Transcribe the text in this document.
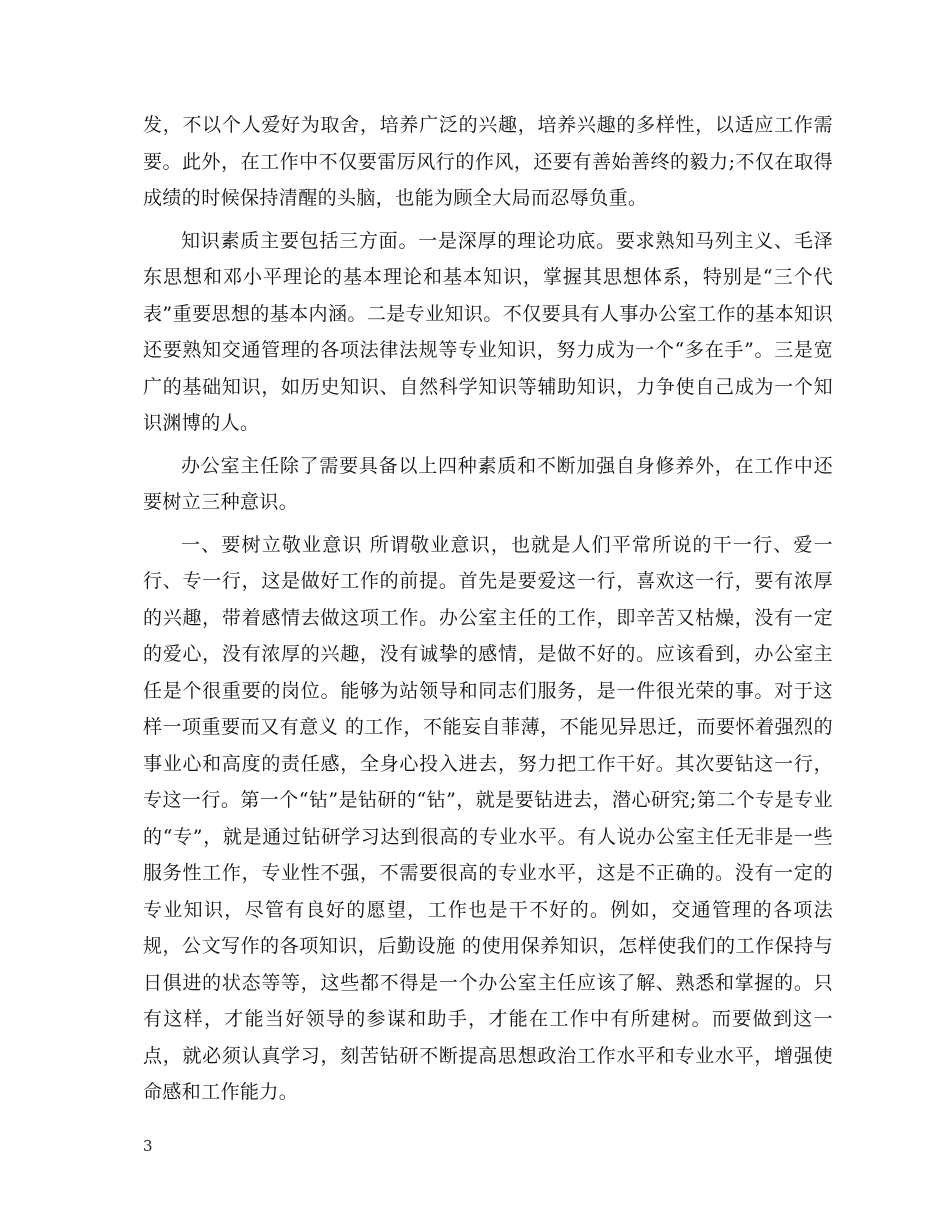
发，不以个人爱好为取舍，培养广泛的兴趣，培养兴趣的多样性，以适应工作需要。此外，在工作中不仅要雷厉风行的作风，还要有善始善终的毅力;不仅在取得成绩的时候保持清醒的头脑，也能为顾全大局而忍辱负重。

知识素质主要包括三方面。一是深厚的理论功底。要求熟知马列主义、毛泽东思想和邓小平理论的基本理论和基本知识，掌握其思想体系，特别是“三个代表”重要思想的基本内涵。二是专业知识。不仅要具有人事办公室工作的基本知识还要熟知交通管理的各项法律法规等专业知识，努力成为一个“多在手”。三是宽广的基础知识，如历史知识、自然科学知识等辅助知识，力争使自己成为一个知识渊博的人。

办公室主任除了需要具备以上四种素质和不断加强自身修养外，在工作中还要树立三种意识。

一、要树立敬业意识 所谓敬业意识，也就是人们平常所说的干一行、爱一行、专一行，这是做好工作的前提。首先是要爱这一行，喜欢这一行，要有浓厚的兴趣，带着感情去做这项工作。办公室主任的工作，即辛苦又枯燥，没有一定的爱心，没有浓厚的兴趣，没有诚挚的感情，是做不好的。应该看到，办公室主任是个很重要的岗位。能够为站领导和同志们服务，是一件很光荣的事。对于这样一项重要而又有意义 的工作，不能妄自菲薄，不能见异思迁，而要怀着强烈的事业心和高度的责任感，全身心投入进去，努力把工作干好。其次要钻这一行，专这一行。第一个“钻”是钻研的“钻”，就是要钻进去，潜心研究;第二个专是专业的“专”，就是通过钻研学习达到很高的专业水平。有人说办公室主任无非是一些服务性工作，专业性不强，不需要很高的专业水平，这是不正确的。没有一定的专业知识，尽管有良好的愿望，工作也是干不好的。例如，交通管理的各项法规，公文写作的各项知识，后勤设施 的使用保养知识，怎样使我们的工作保持与日俱进的状态等等，这些都不得是一个办公室主任应该了解、熟悉和掌握的。只有这样，才能当好领导的参谋和助手，才能在工作中有所建树。而要做到这一点，就必须认真学习，刻苦钻研不断提高思想政治工作水平和专业水平，增强使命感和工作能力。

3
